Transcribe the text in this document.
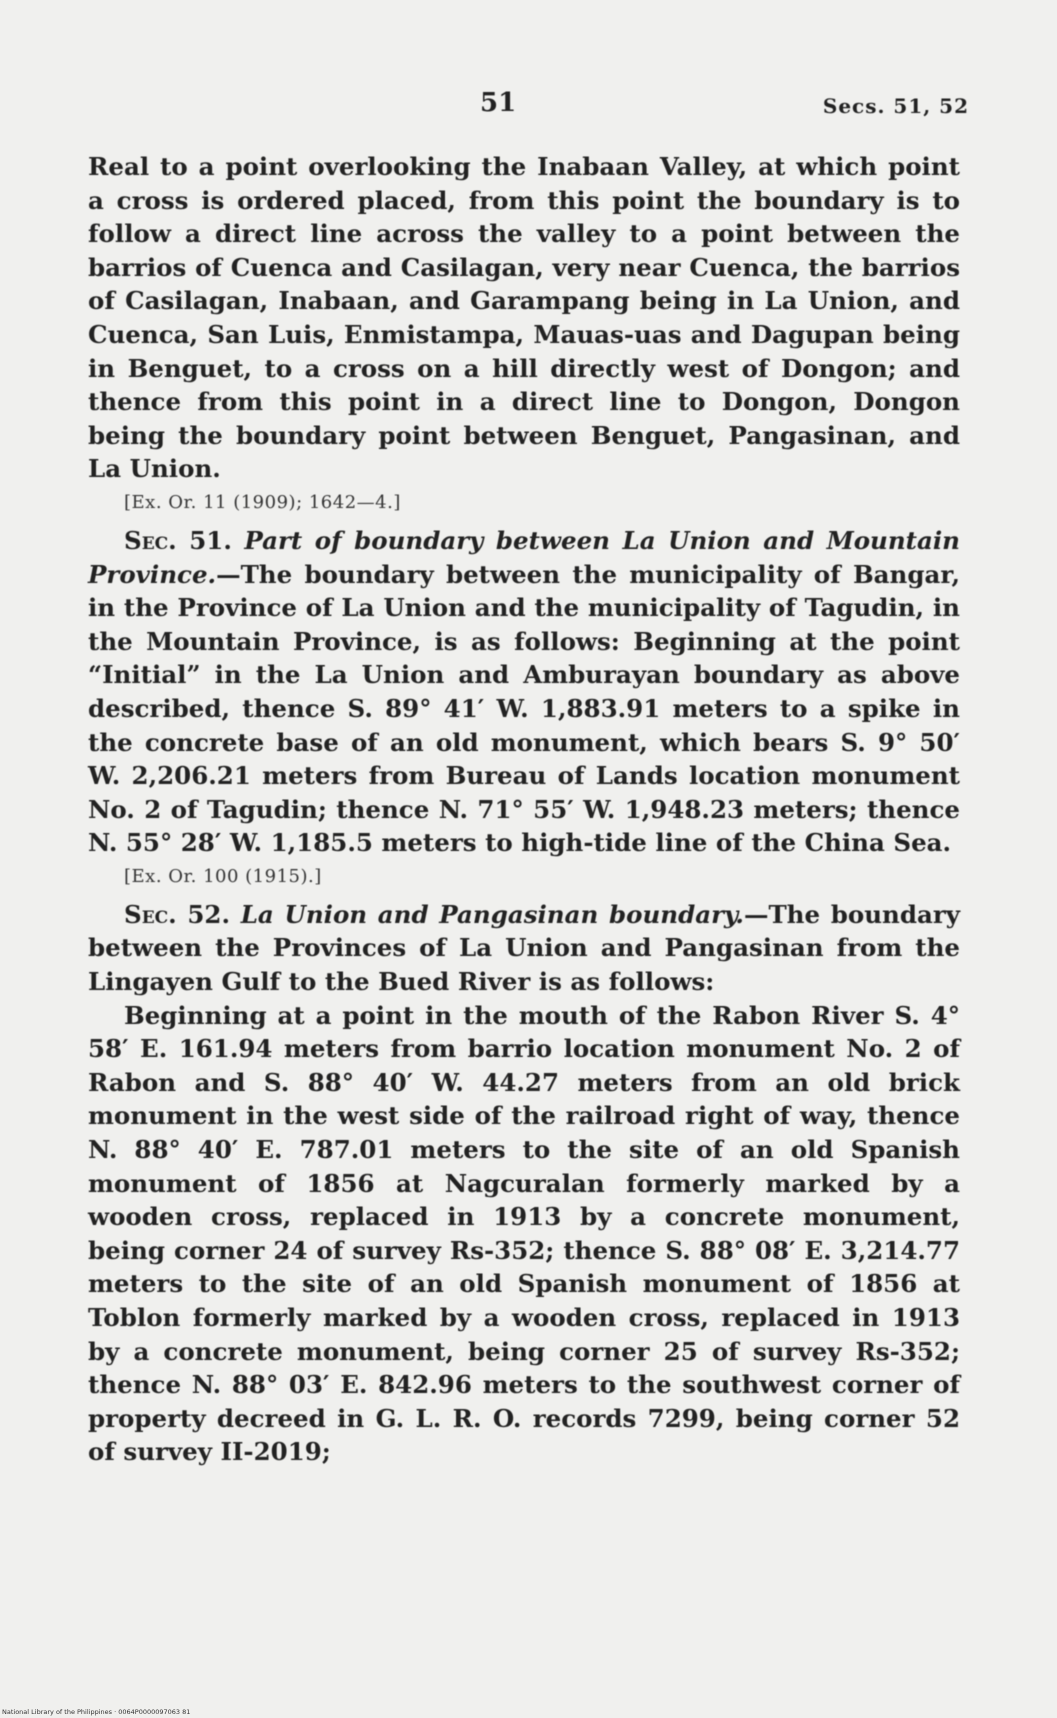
51	Secs. 51, 52

Real to a point overlooking the Inabaan Valley, at which point a cross is ordered placed, from this point the boundary is to follow a direct line across the valley to a point between the barrios of Cuenca and Casilagan, very near Cuenca, the barrios of Casilagan, Inabaan, and Garampang being in La Union, and Cuenca, San Luis, Enmistampa, Mauas-uas and Dagupan being in Benguet, to a cross on a hill directly west of Dongon; and thence from this point in a direct line to Dongon, Dongon being the boundary point between Benguet, Pangasinan, and La Union.

[Ex. Or. 11 (1909); 1642—4.]

Sec. 51. Part of boundary between La Union and Mountain Province.—The boundary between the municipality of Bangar, in the Province of La Union and the municipality of Tagudin, in the Mountain Province, is as follows: Beginning at the point “Initial” in the La Union and Amburayan boundary as above described, thence S. 89° 41′ W. 1,883.91 meters to a spike in the concrete base of an old monument, which bears S. 9° 50′ W. 2,206.21 meters from Bureau of Lands location monument No. 2 of Tagudin; thence N. 71° 55′ W. 1,948.23 meters; thence N. 55° 28′ W. 1,185.5 meters to high-tide line of the China Sea.

[Ex. Or. 100 (1915).]

Sec. 52. La Union and Pangasinan boundary.—The boundary between the Provinces of La Union and Pangasinan from the Lingayen Gulf to the Bued River is as follows:

Beginning at a point in the mouth of the Rabon River S. 4° 58′ E. 161.94 meters from barrio location monument No. 2 of Rabon and S. 88° 40′ W. 44.27 meters from an old brick monument in the west side of the railroad right of way, thence N. 88° 40′ E. 787.01 meters to the site of an old Spanish monument of 1856 at Nagcuralan formerly marked by a wooden cross, replaced in 1913 by a concrete monument, being corner 24 of survey Rs-352; thence S. 88° 08′ E. 3,214.77 meters to the site of an old Spanish monument of 1856 at Toblon formerly marked by a wooden cross, replaced in 1913 by a concrete monument, being corner 25 of survey Rs-352; thence N. 88° 03′ E. 842.96 meters to the southwest corner of property decreed in G. L. R. O. records 7299, being corner 52 of survey II-2019;

National Library of the Philippines · 0064P0000097063 81
